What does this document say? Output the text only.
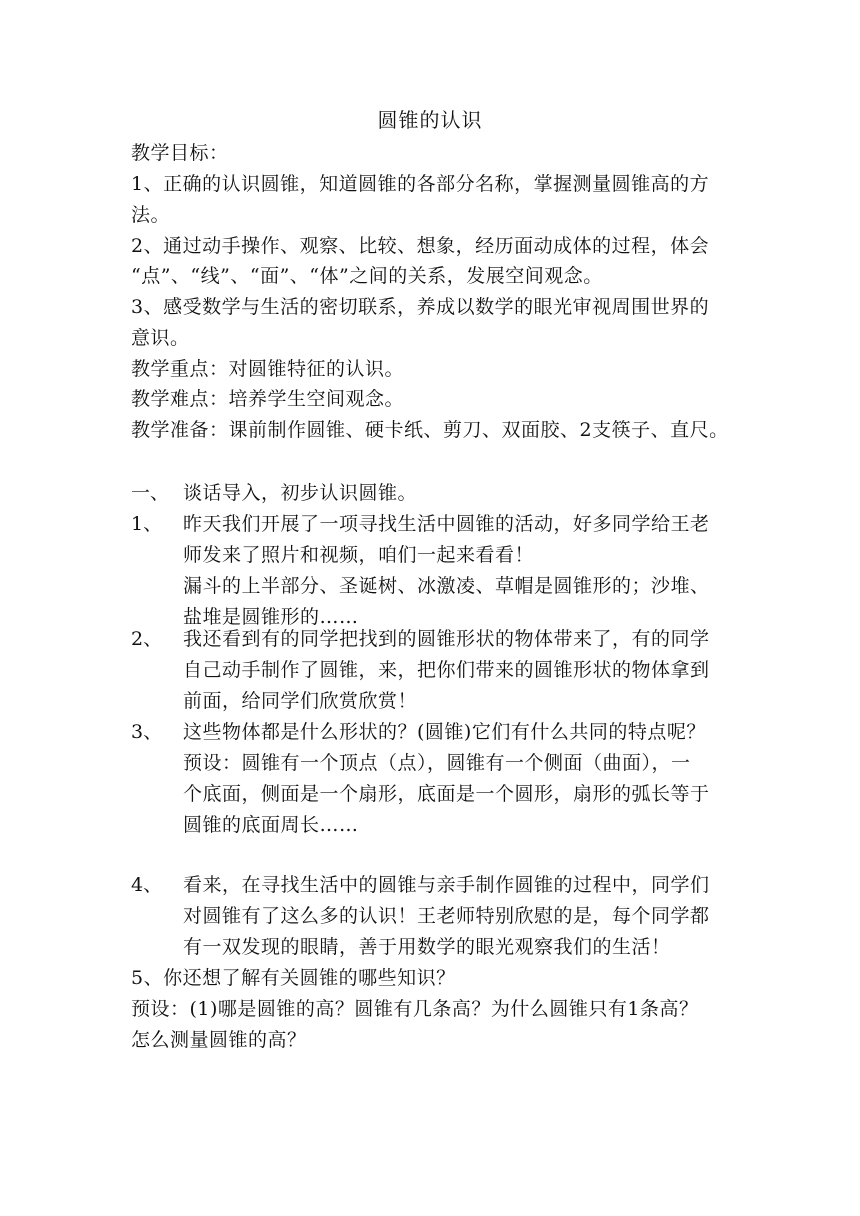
圆锥的认识
教学目标：
1、正确的认识圆锥，知道圆锥的各部分名称，掌握测量圆锥高的方
法。
2、通过动手操作、观察、比较、想象，经历面动成体的过程，体会
“点”、“线”、“面”、“体”之间的关系，发展空间观念。
3、感受数学与生活的密切联系，养成以数学的眼光审视周围世界的
意识。
教学重点：对圆锥特征的认识。
教学难点：培养学生空间观念。
教学准备：课前制作圆锥、硬卡纸、剪刀、双面胶、2支筷子、直尺。
一、 谈话导入，初步认识圆锥。
1、 昨天我们开展了一项寻找生活中圆锥的活动，好多同学给王老
师发来了照片和视频，咱们一起来看看！
漏斗的上半部分、圣诞树、冰激凌、草帽是圆锥形的；沙堆、
盐堆是圆锥形的……
2、 我还看到有的同学把找到的圆锥形状的物体带来了，有的同学
自己动手制作了圆锥，来，把你们带来的圆锥形状的物体拿到
前面，给同学们欣赏欣赏！
3、 这些物体都是什么形状的？(圆锥)它们有什么共同的特点呢？
预设：圆锥有一个顶点（点），圆锥有一个侧面（曲面），一
个底面，侧面是一个扇形，底面是一个圆形，扇形的弧长等于
圆锥的底面周长……
4、 看来，在寻找生活中的圆锥与亲手制作圆锥的过程中，同学们
对圆锥有了这么多的认识！王老师特别欣慰的是，每个同学都
有一双发现的眼睛，善于用数学的眼光观察我们的生活！
5、你还想了解有关圆锥的哪些知识？
预设：(1)哪是圆锥的高？圆锥有几条高？为什么圆锥只有1条高？
怎么测量圆锥的高？
